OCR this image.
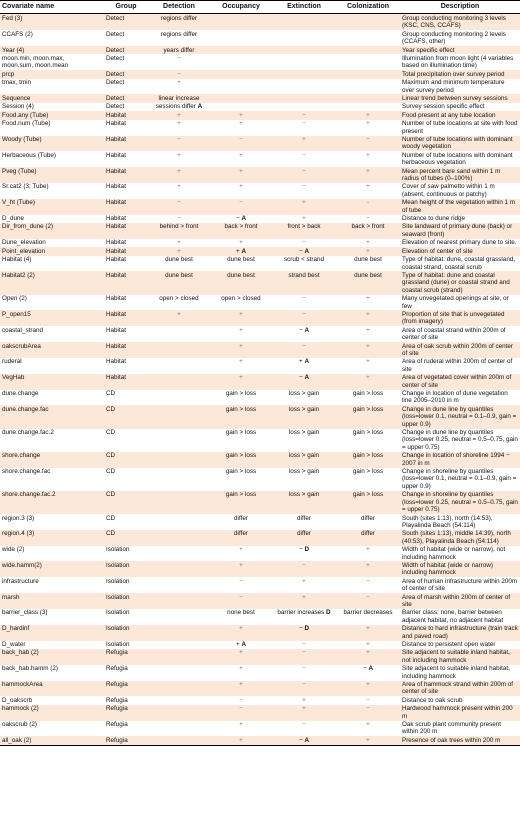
Covariate name	Group	Detection	Occupancy	Extinction	Colonization	Description
Fed (3)	Detect	regions differ				Group conducting monitoring 3 levels (KSC, CNS, CCAFS)
CCAFS (2)	Detect	regions differ				Group conducting monitoring 2 levels (CCAFS, other)
Year (4)	Detect	years differ				Year specific effect
moon.min, moon.max,
moon.sum, moon.mean	Detect	−				Illumination from moon light (4 variables based on illumination time)
prcp	Detect	−				Total precipitation over survey period
tmax, tmin	Detect	+				Maximum and minimum temperature over survey period
Sequence	Detect	linear increase				Linear trend between survey sessions
Session (4)	Detect	sessions differ A				Survey session specific effect
Food.any (Tube)	Habitat	+	+	−	+	Food present at any tube location
Food.num (Tube)	Habitat	+	+	−	+	Number of tube locations at site with food present
Woody (Tube)	Habitat	−	−	+	−	Number of tube locations with dominant woody vegetation
Herbaceous (Tube)	Habitat	+	+	−	+	Number of tube locations with dominant herbaceous vegetation
Pveg (Tube)	Habitat	+	+	−	+	Mean percent bare sand within 1 m radius of tubes (0–100%)
Sr.cat2 (3; Tube)	Habitat	+	+	−	+	Cover of saw palmetto within 1 m (absent, continuous or patchy)
V_ht (Tube)	Habitat	−	−	+	-	Mean height of the vegetation within 1 m of tube
D_dune	Habitat	−	− A	+	−	Distance to dune ridge
Dir_from_dune (2)	Habitat	behind > front	back > front	front > back	back > front	Site landward of primary dune (back) or seaward (front)
Dune_elevation	Habitat	+	+	−	+	Elevation of nearest primary dune to site.
Point_elevation	Habitat	+	+ A	− A	+	Elevation of center of site
Habitat (4)	Habitat	dune best	dune best	scrub < strand	dune best	Type of habitat: dune, coastal grassland, coastal strand, coastal scrub
Habitat2 (2)	Habitat	dune best	dune best	strand best	dune best	Type of habitat: dune and coastal grassland (dune) or coastal strand and coastal scrub (strand)
Open (2)	Habitat	open > closed	open > closed	−	+	Many unvegetated openings at site, or few
P_open15	Habitat	+	+	−	+	Proportion of site that is unvegetated (from imagery)
coastal_strand	Habitat		+	− A	+	Area of coastal strand within 200m of center of site
oakscrubArea	Habitat		+	−	+	Area of oak scrub within 200m of center of site
ruderal	Habitat		+	+ A	+	Area of ruderal within 200m of center of site
VegHab	Habitat		+	− A	+	Area of vegetated cover within 200m of center of site
dune.change	CD		gain > loss	loss > gain	gain > loss	Change in location of dune vegetation line 2005–2010 in m
dune.change.fac	CD		gain > loss	loss > gain	gain > loss	Change in dune line by quantiles (loss=lower 0.1, neutral = 0.1–0.9, gain = upper 0.9)
dune.change.fac.2	CD		gain > loss	loss > gain	gain > loss	Change in dune line by quantiles (loss=lower 0.25, neutral = 0.5–0.75, gain = upper 0.75)
shore.change	CD		gain > loss	loss > gain	gain > loss	Change in location of shoreline 1994 − 2007 in m
shore.change.fac	CD		gain > loss	loss > gain	gain > loss	Change in shoreline by quantiles (loss=lower 0.1, neutral = 0.1–0.9, gain = upper 0.9)
shore.change.fac.2	CD		gain > loss	loss > gain	gain > loss	Change in shoreline by quantiles (loss=lower 0.25, neutral = 0.5–0.75, gain = upper 0.75)
region.3 (3)	CD		differ	differ	differ	South (sites 1:13), north (14:53), Playalinda Beach (54:114)
region.4 (3)	CD		differ	differ	differ	South (sites 1:13), middle 14:39), north (40:53), Playalinda Beach (54:114)
wide (2)	Isolation		+	− D	+	Width of habitat (wide or narrow), not including hammock
wide.hamm(2)	Isolation		+	−	+	Width of habitat (wide or narrow) including hammock
infrastructure	Isolation		−	+	−	Area of human infrastructure within 200m of center of site
marsh	Isolation		−	+	−	Area of marsh within 200m of center of site
barrier_class (3)	Isolation		none best	barrier increases D	barrier decreases	Barrier class: none, barrier between adjacent habitat, no adjacent habitat
D_hardinf	Isolation		+	− D	+	Distance to hard infrastructure (train track and paved road)
D_water	Isolation		+ A	−	+	Distance to persistent open water
back_hab (2)	Refugia		+	−	+	Site adjacent to suitable inland habitat, not including hammock
back_hab.hamm (2)	Refugia		+	−	− A	Site adjacent to suitable inland habitat, including hammock
hammockArea	Refugia		+	−	+	Area of hammock strand within 200m of center of site
D_oakscrb	Refugia		−	+	−	Distance to oak scrub
hammock (2)	Refugia		−	+	−	Hardwood hammock present within 200 m
oakscrub (2)	Refugia		+	−	+	Oak scrub plant community present within 200 m
all_oak (2)	Refugia		+	− A	+	Presence of oak trees within 200 m
